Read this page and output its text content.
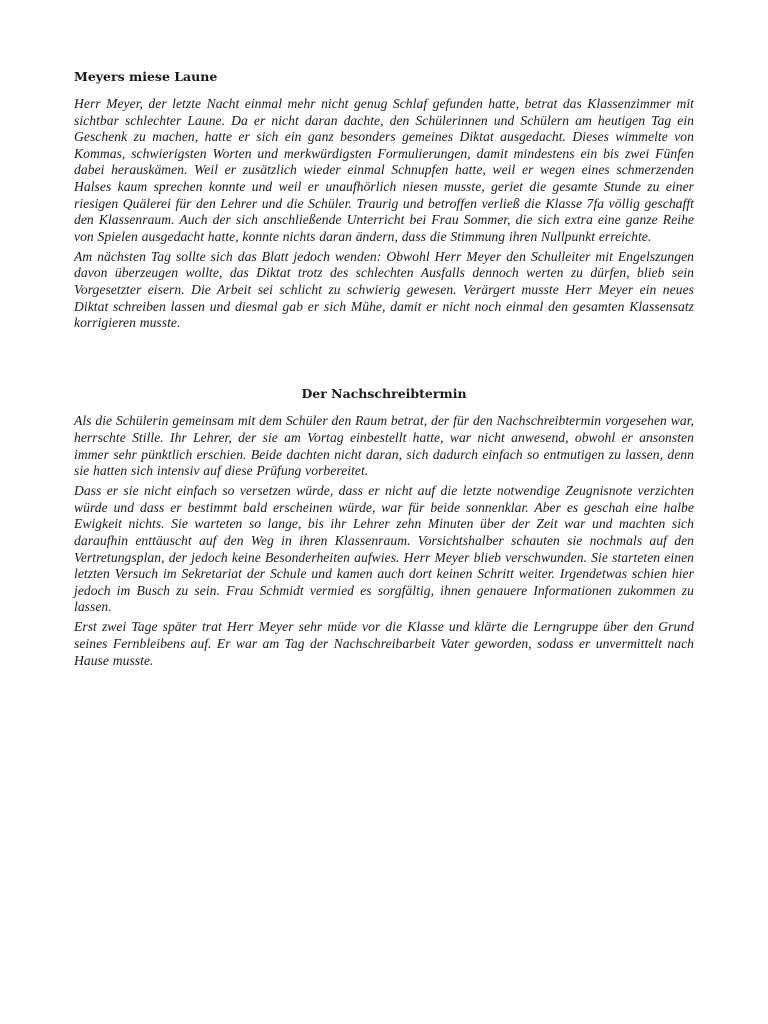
Meyers miese Laune

Herr Meyer, der letzte Nacht einmal mehr nicht genug Schlaf gefunden hatte, betrat das Klassenzimmer mit sichtbar schlechter Laune. Da er nicht daran dachte, den Schülerinnen und Schülern am heutigen Tag ein Geschenk zu machen, hatte er sich ein ganz besonders gemeines Diktat ausgedacht. Dieses wimmelte von Kommas, schwierigsten Worten und merkwürdigsten Formulierungen, damit mindestens ein bis zwei Fünfen dabei herauskämen. Weil er zusätzlich wieder einmal Schnupfen hatte, weil er wegen eines schmerzenden Halses kaum sprechen konnte und weil er unaufhörlich niesen musste, geriet die gesamte Stunde zu einer riesigen Quälerei für den Lehrer und die Schüler. Traurig und betroffen verließ die Klasse 7fa völlig geschafft den Klassenraum. Auch der sich anschließende Unterricht bei Frau Sommer, die sich extra eine ganze Reihe von Spielen ausgedacht hatte, konnte nichts daran ändern, dass die Stimmung ihren Nullpunkt erreichte.

Am nächsten Tag sollte sich das Blatt jedoch wenden: Obwohl Herr Meyer den Schulleiter mit Engelszungen davon überzeugen wollte, das Diktat trotz des schlechten Ausfalls dennoch werten zu dürfen, blieb sein Vorgesetzter eisern. Die Arbeit sei schlicht zu schwierig gewesen. Verärgert musste Herr Meyer ein neues Diktat schreiben lassen und diesmal gab er sich Mühe, damit er nicht noch einmal den gesamten Klassensatz korrigieren musste.

Der Nachschreibtermin

Als die Schülerin gemeinsam mit dem Schüler den Raum betrat, der für den Nachschreibtermin vorgesehen war, herrschte Stille. Ihr Lehrer, der sie am Vortag einbestellt hatte, war nicht anwesend, obwohl er ansonsten immer sehr pünktlich erschien. Beide dachten nicht daran, sich dadurch einfach so entmutigen zu lassen, denn sie hatten sich intensiv auf diese Prüfung vorbereitet.

Dass er sie nicht einfach so versetzen würde, dass er nicht auf die letzte notwendige Zeugnisnote verzichten würde und dass er bestimmt bald erscheinen würde, war für beide sonnenklar. Aber es geschah eine halbe Ewigkeit nichts. Sie warteten so lange, bis ihr Lehrer zehn Minuten über der Zeit war und machten sich daraufhin enttäuscht auf den Weg in ihren Klassenraum. Vorsichtshalber schauten sie nochmals auf den Vertretungsplan, der jedoch keine Besonderheiten aufwies. Herr Meyer blieb verschwunden. Sie starteten einen letzten Versuch im Sekretariat der Schule und kamen auch dort keinen Schritt weiter. Irgendetwas schien hier jedoch im Busch zu sein. Frau Schmidt vermied es sorgfältig, ihnen genauere Informationen zukommen zu lassen.

Erst zwei Tage später trat Herr Meyer sehr müde vor die Klasse und klärte die Lerngruppe über den Grund seines Fernbleibens auf. Er war am Tag der Nachschreibarbeit Vater geworden, sodass er unvermittelt nach Hause musste.
